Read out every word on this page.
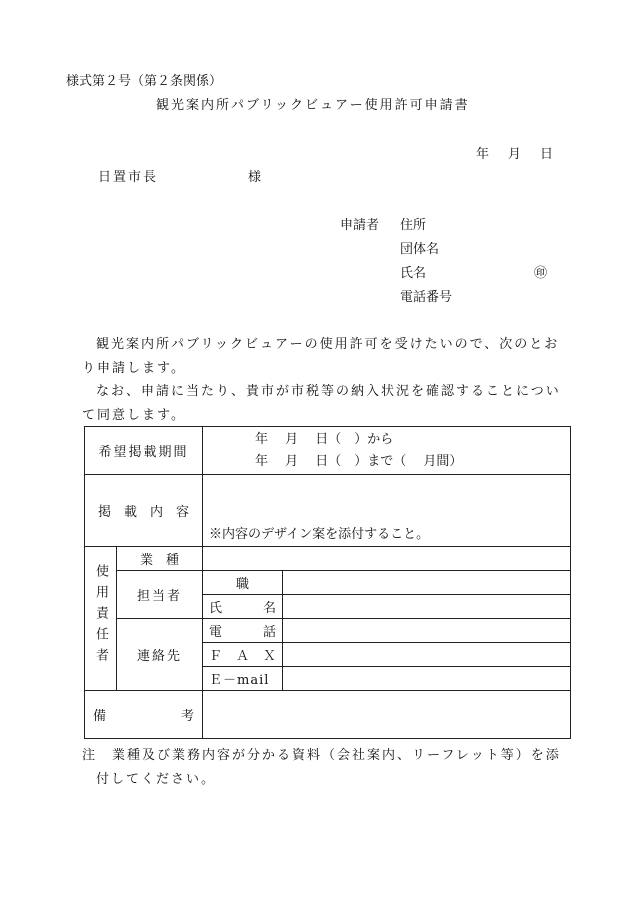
様式第２号（第２条関係）
観光案内所パブリックビュアー使用許可申請書
年 月 日
日置市長	様
申請者 住所
団体名
氏名	㊞
電話番号
観光案内所パブリックビュアーの使用許可を受けたいので、次のとお
り申請します。
なお、申請に当たり、貴市が市税等の納入状況を確認することについ
て同意します。
希望掲載期間		年　 月　 日（　）から
年　 月　 日（　）まで（　 月間）	

掲　載　内　容		※内容のデザイン案を添付すること。	

使用責任者	業　種		
	担当者	職	

		氏 名	

	連絡先	電 話	

		Ｆ Ａ Ｘ	

		Ｅ－mail	

備 考			

注　業種及び業務内容が分かる資料（会社案内、リーフレット等）を添
付してください。
